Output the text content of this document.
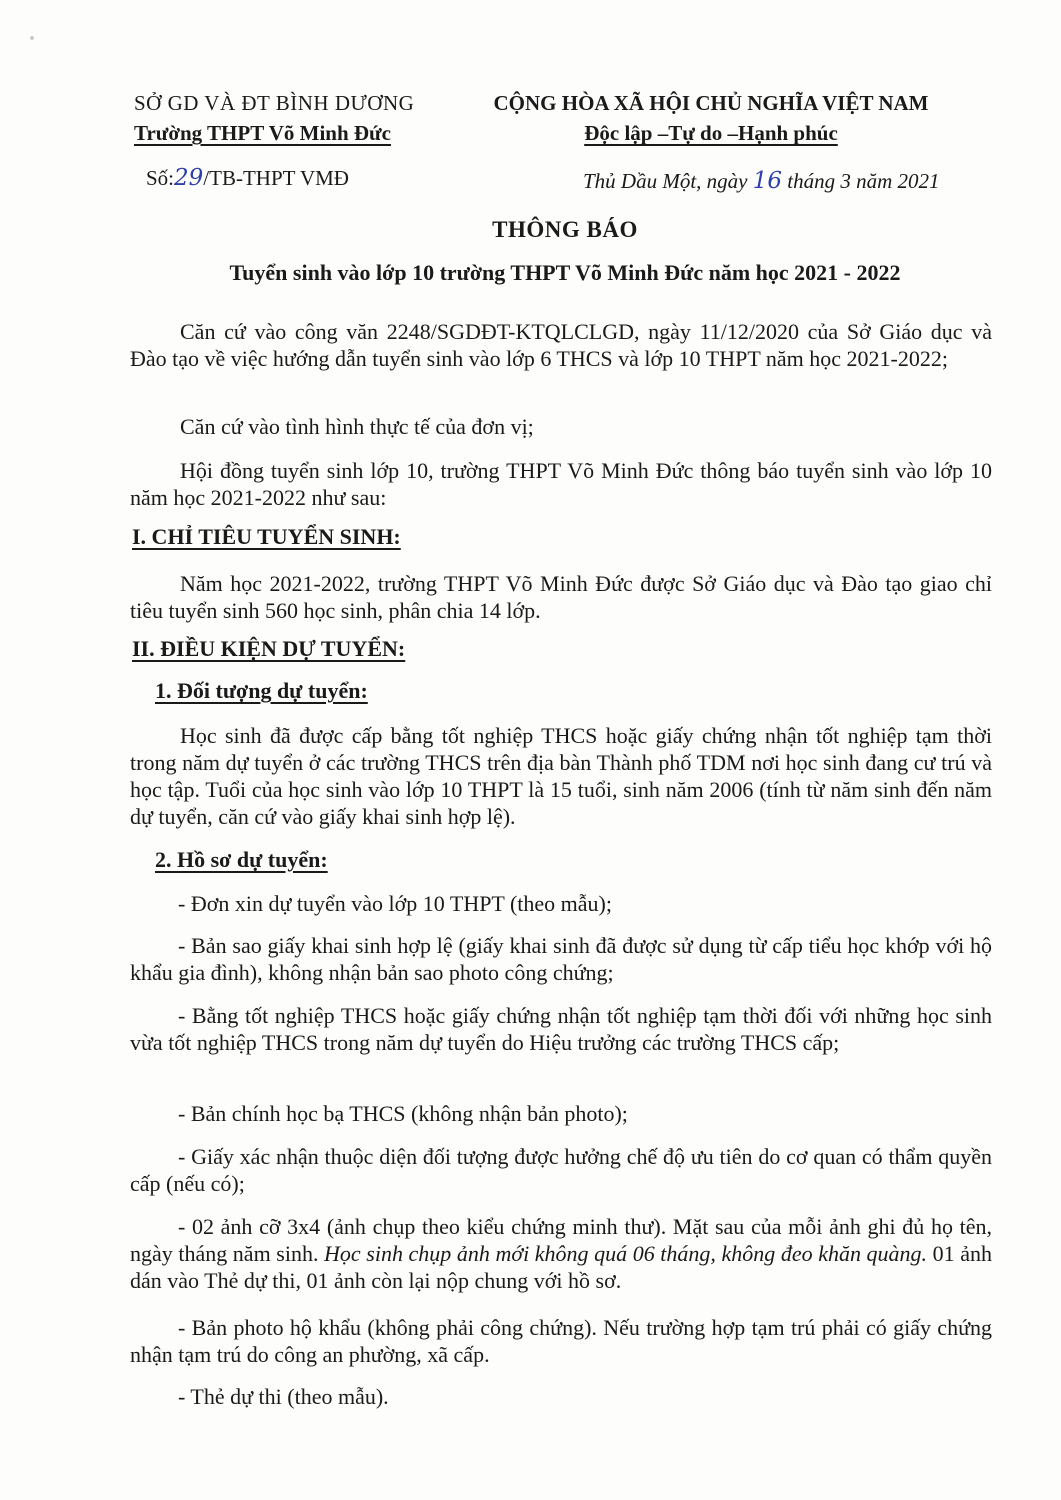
SỞ GD VÀ ĐT BÌNH DƯƠNG
Trường THPT Võ Minh Đức
CỘNG HÒA XÃ HỘI CHỦ NGHĨA VIỆT NAM
Độc lập –Tự do –Hạnh phúc
Số:29/TB-THPT VMĐ	Thủ Dầu Một, ngày 16 tháng 3 năm 2021
THÔNG BÁO
Tuyển sinh vào lớp 10 trường THPT Võ Minh Đức năm học 2021 - 2022
Căn cứ vào công văn 2248/SGDĐT-KTQLCLGD, ngày 11/12/2020 của Sở Giáo dục và Đào tạo về việc hướng dẫn tuyển sinh vào lớp 6 THCS và lớp 10 THPT năm học 2021-2022;
Căn cứ vào tình hình thực tế của đơn vị;
Hội đồng tuyển sinh lớp 10, trường THPT Võ Minh Đức thông báo tuyển sinh vào lớp 10 năm học 2021-2022 như sau:
I. CHỈ TIÊU TUYỂN SINH:
Năm học 2021-2022, trường THPT Võ Minh Đức được Sở Giáo dục và Đào tạo giao chỉ tiêu tuyển sinh 560 học sinh, phân chia 14 lớp.
II. ĐIỀU KIỆN DỰ TUYỂN:
1. Đối tượng dự tuyển:
Học sinh đã được cấp bằng tốt nghiệp THCS hoặc giấy chứng nhận tốt nghiệp tạm thời trong năm dự tuyển ở các trường THCS trên địa bàn Thành phố TDM nơi học sinh đang cư trú và học tập. Tuổi của học sinh vào lớp 10 THPT là 15 tuổi, sinh năm 2006 (tính từ năm sinh đến năm dự tuyển, căn cứ vào giấy khai sinh hợp lệ).
2. Hồ sơ dự tuyển:
- Đơn xin dự tuyển vào lớp 10 THPT (theo mẫu);
- Bản sao giấy khai sinh hợp lệ (giấy khai sinh đã được sử dụng từ cấp tiểu học khớp với hộ khẩu gia đình), không nhận bản sao photo công chứng;
- Bằng tốt nghiệp THCS hoặc giấy chứng nhận tốt nghiệp tạm thời đối với những học sinh vừa tốt nghiệp THCS trong năm dự tuyển do Hiệu trưởng các trường THCS cấp;
- Bản chính học bạ THCS (không nhận bản photo);
- Giấy xác nhận thuộc diện đối tượng được hưởng chế độ ưu tiên do cơ quan có thẩm quyền cấp (nếu có);
- 02 ảnh cỡ 3x4 (ảnh chụp theo kiểu chứng minh thư). Mặt sau của mỗi ảnh ghi đủ họ tên, ngày tháng năm sinh. Học sinh chụp ảnh mới không quá 06 tháng, không đeo khăn quàng. 01 ảnh dán vào Thẻ dự thi, 01 ảnh còn lại nộp chung với hồ sơ.
- Bản photo hộ khẩu (không phải công chứng). Nếu trường hợp tạm trú phải có giấy chứng nhận tạm trú do công an phường, xã cấp.
- Thẻ dự thi (theo mẫu).
